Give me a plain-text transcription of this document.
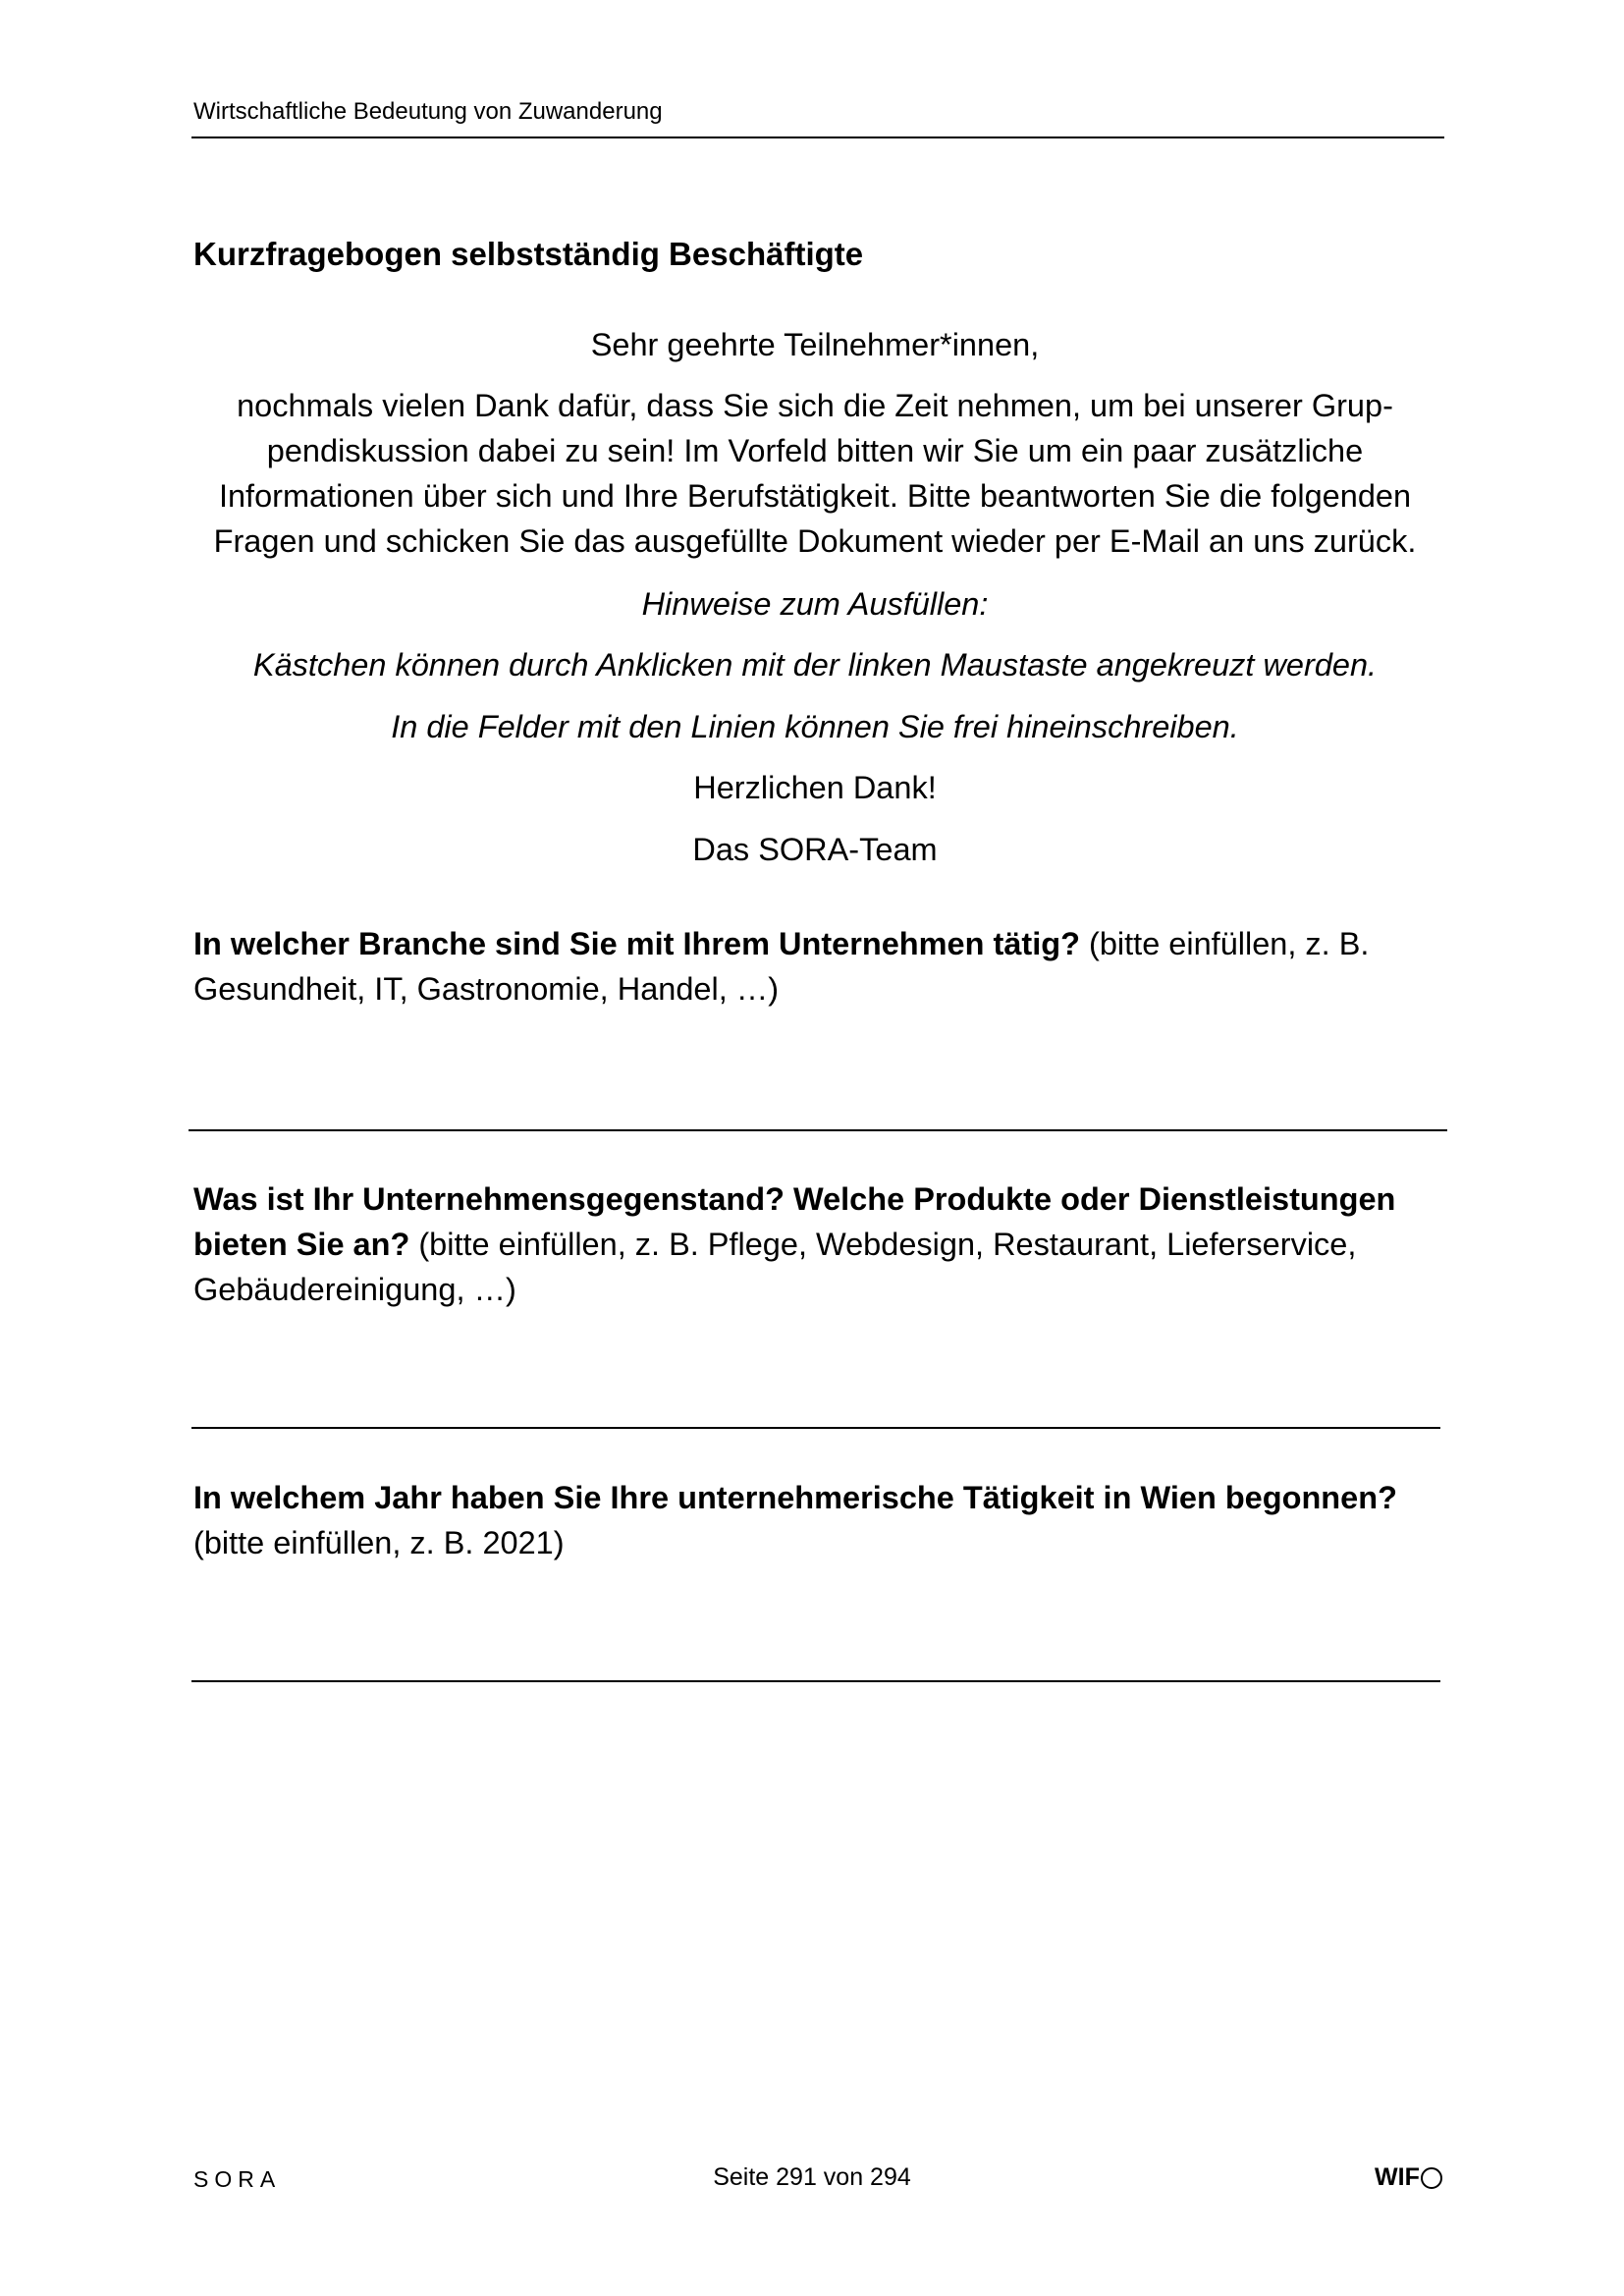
Wirtschaftliche Bedeutung von Zuwanderung
Kurzfragebogen selbstständig Beschäftigte

Sehr geehrte Teilnehmer*innen,

nochmals vielen Dank dafür, dass Sie sich die Zeit nehmen, um bei unserer Grup-
pendiskussion dabei zu sein! Im Vorfeld bitten wir Sie um ein paar zusätzliche
Informationen über sich und Ihre Berufstätigkeit. Bitte beantworten Sie die folgenden
Fragen und schicken Sie das ausgefüllte Dokument wieder per E-Mail an uns zurück.

Hinweise zum Ausfüllen:

Kästchen können durch Anklicken mit der linken Maustaste angekreuzt werden.

In die Felder mit den Linien können Sie frei hineinschreiben.

Herzlichen Dank!

Das SORA-Team

In welcher Branche sind Sie mit Ihrem Unternehmen tätig? (bitte einfüllen, z. B. Gesundheit, IT, Gastronomie, Handel, …)

Was ist Ihr Unternehmensgegenstand? Welche Produkte oder Dienstleistungen bieten Sie an? (bitte einfüllen, z. B. Pflege, Webdesign, Restaurant, Lieferservice, Gebäudereinigung, …)

In welchem Jahr haben Sie Ihre unternehmerische Tätigkeit in Wien begonnen? (bitte einfüllen, z. B. 2021)

SORA	Seite 291 von 294	W I F
